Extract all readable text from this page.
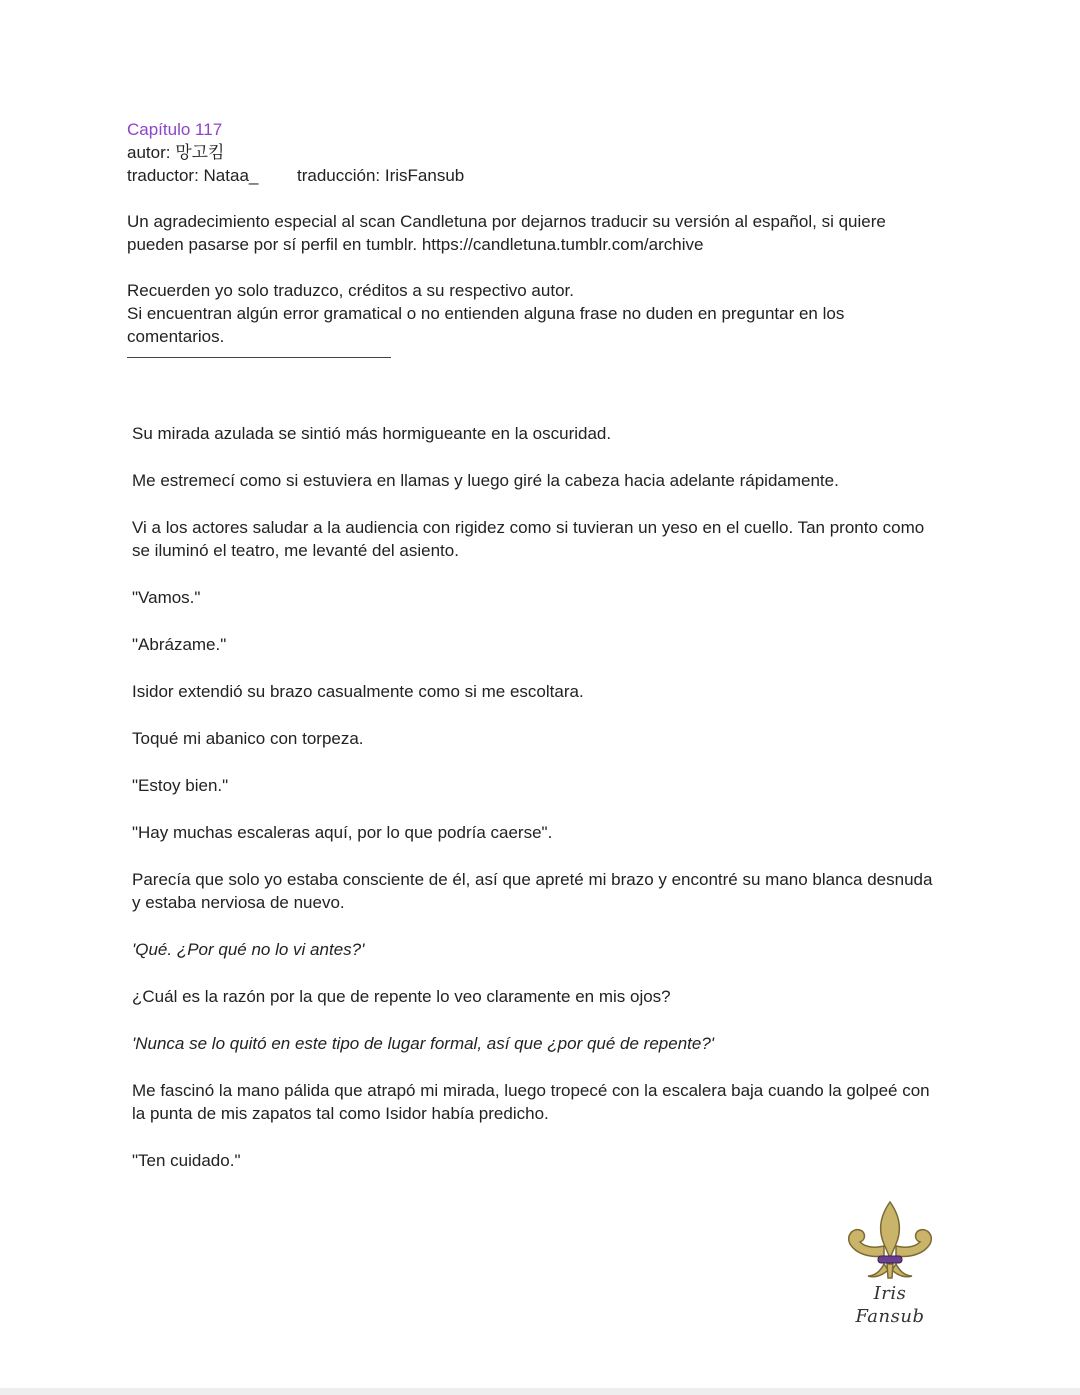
Capítulo 117
autor: 망고킴
traductor: Nataa_ traducción: IrisFansub
Un agradecimiento especial al scan Candletuna por dejarnos traducir su versión al español, si quiere pueden pasarse por sí perfil en tumblr. https://candletuna.tumblr.com/archive
Recuerden yo solo traduzco, créditos a su respectivo autor.
Si encuentran algún error gramatical o no entienden alguna frase no duden en preguntar en los comentarios.
Su mirada azulada se sintió más hormigueante en la oscuridad.
Me estremecí como si estuviera en llamas y luego giré la cabeza hacia adelante rápidamente.
Vi a los actores saludar a la audiencia con rigidez como si tuvieran un yeso en el cuello. Tan pronto como se iluminó el teatro, me levanté del asiento.
"Vamos."
"Abrázame."
Isidor extendió su brazo casualmente como si me escoltara.
Toqué mi abanico con torpeza.
"Estoy bien."
"Hay muchas escaleras aquí, por lo que podría caerse".
Parecía que solo yo estaba consciente de él, así que apreté mi brazo y encontré su mano blanca desnuda y estaba nerviosa de nuevo.
'Qué. ¿Por qué no lo vi antes?'
¿Cuál es la razón por la que de repente lo veo claramente en mis ojos?
'Nunca se lo quitó en este tipo de lugar formal, así que ¿por qué de repente?'
Me fascinó la mano pálida que atrapó mi mirada, luego tropecé con la escalera baja cuando la golpeé con la punta de mis zapatos tal como Isidor había predicho.
"Ten cuidado."
Iris Fansub
